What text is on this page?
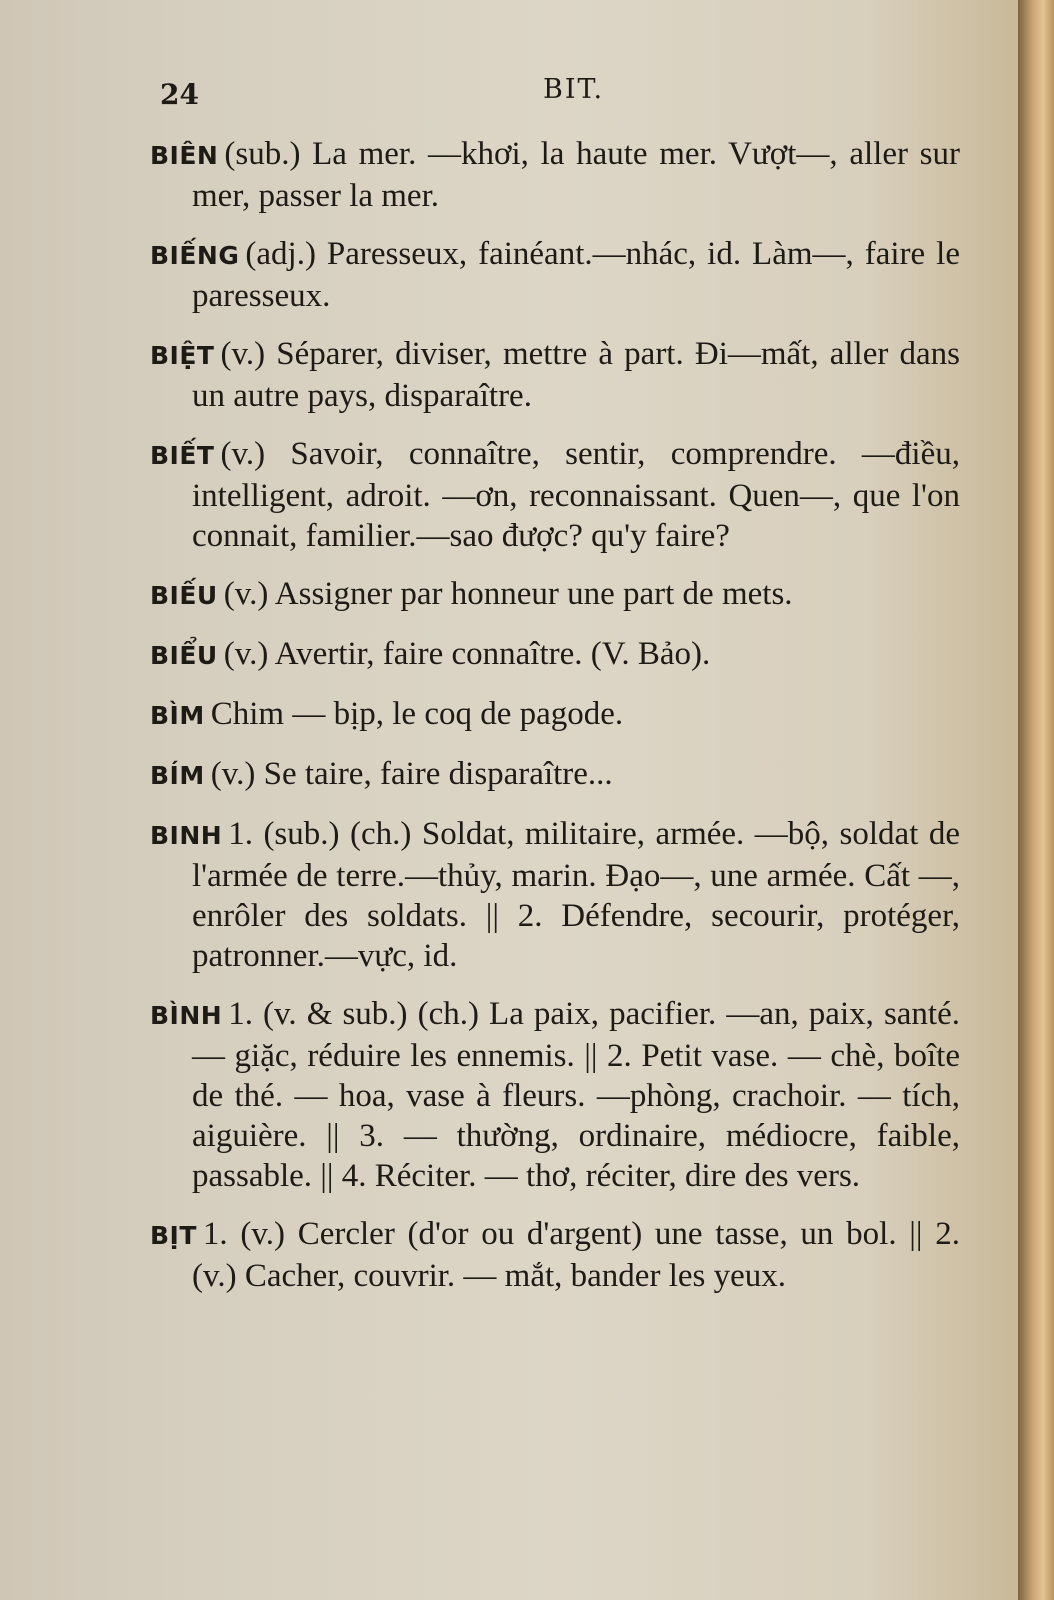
24	BIT.
BIÊN (sub.) La mer. —khơi, la haute mer. Vượt—, aller sur mer, passer la mer.
BIẾNG (adj.) Paresseux, fainéant.—nhác, id. Làm—, faire le paresseux.
BIỆT (v.) Séparer, diviser, mettre à part. Đi—mất, aller dans un autre pays, disparaître.
BIẾT (v.) Savoir, connaître, sentir, comprendre. —điều, intelligent, adroit. —ơn, reconnaissant. Quen—, que l'on connait, familier.—sao được? qu'y faire?
BIẾU (v.) Assigner par honneur une part de mets.
BIỂU (v.) Avertir, faire connaître. (V. Bảo).
BÌM Chim — bịp, le coq de pagode.
BÍM (v.) Se taire, faire disparaître...
BINH 1. (sub.) (ch.) Soldat, militaire, armée. —bộ, soldat de l'armée de terre.—thủy, marin. Đạo—, une armée. Cất —, enrôler des soldats. || 2. Défendre, secourir, protéger, patronner.—vực, id.
BÌNH 1. (v. & sub.) (ch.) La paix, pacifier. —an, paix, santé. — giặc, réduire les ennemis. || 2. Petit vase. — chè, boîte de thé. — hoa, vase à fleurs. —phòng, crachoir. — tích, aiguière. || 3. — thường, ordinaire, médiocre, faible, passable. || 4. Réciter. — thơ, réciter, dire des vers.
BỊT 1. (v.) Cercler (d'or ou d'argent) une tasse, un bol. || 2. (v.) Cacher, couvrir. — mắt, bander les yeux.
